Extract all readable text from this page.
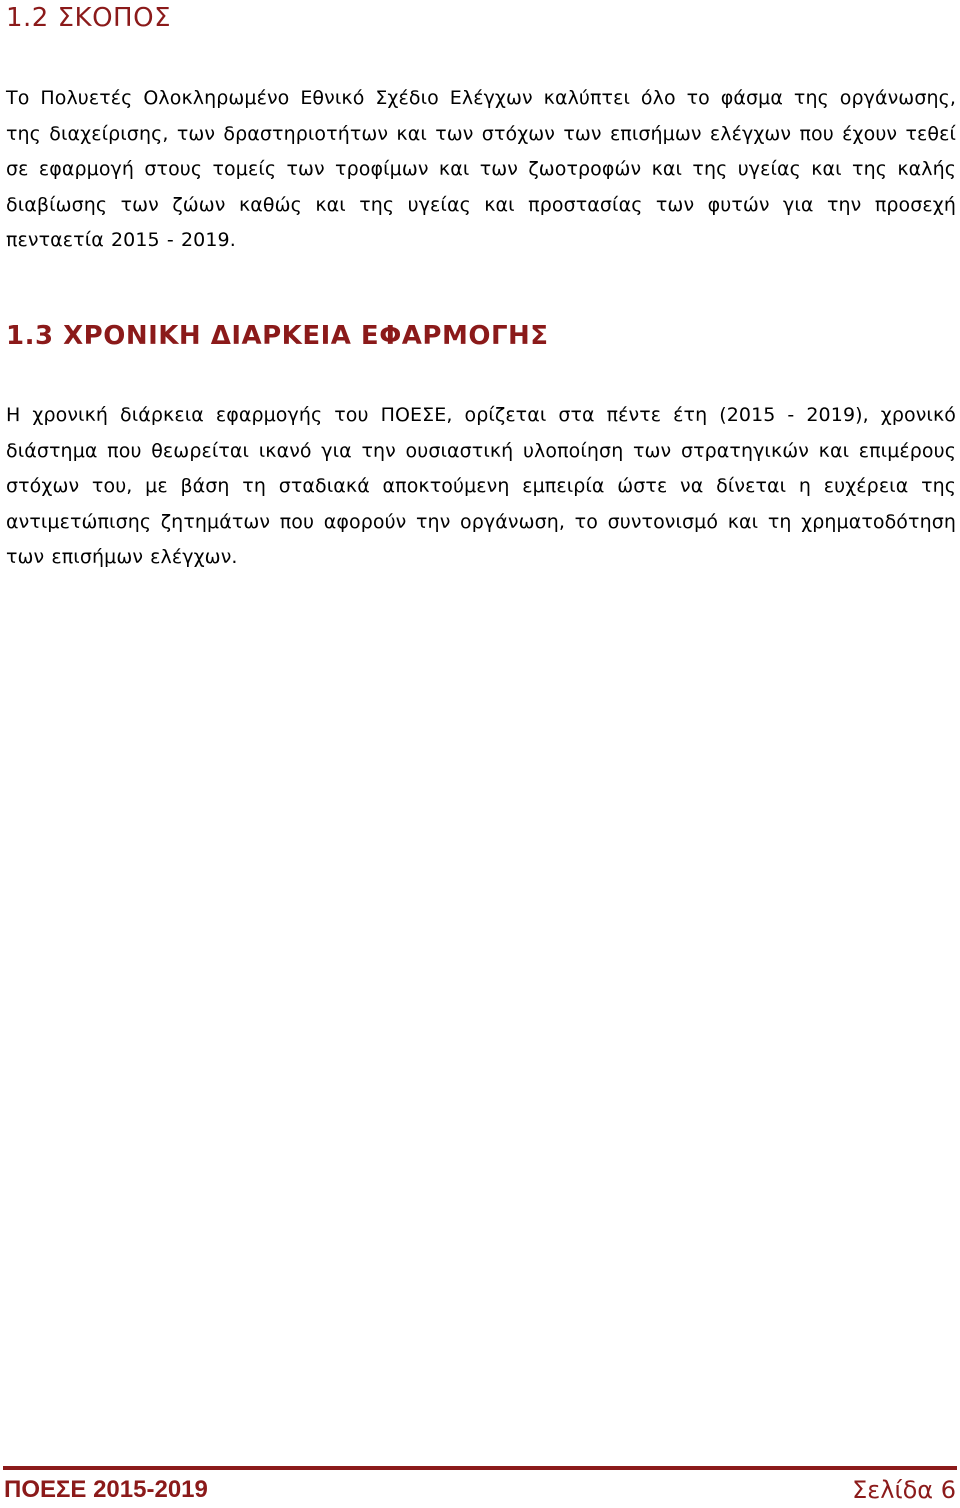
1.2 ΣΚΟΠΟΣ

Το Πολυετές Ολοκληρωμένο Εθνικό Σχέδιο Ελέγχων καλύπτει όλο το φάσμα της οργάνωσης, της διαχείρισης, των δραστηριοτήτων και των στόχων των επισήμων ελέγχων που έχουν τεθεί σε εφαρμογή στους τομείς των τροφίμων και των ζωοτροφών και της υγείας και της καλής διαβίωσης των ζώων καθώς και της υγείας και προστασίας των φυτών για την προσεχή πενταετία 2015 - 2019.

1.3 ΧΡΟΝΙΚΗ ΔΙΑΡΚΕΙΑ ΕΦΑΡΜΟΓΗΣ

Η χρονική διάρκεια εφαρμογής του ΠΟΕΣΕ, ορίζεται στα πέντε έτη (2015 - 2019), χρονικό διάστημα που θεωρείται ικανό για την ουσιαστική υλοποίηση των στρατηγικών και επιμέρους στόχων του, με βάση τη σταδιακά αποκτούμενη εμπειρία ώστε να δίνεται η ευχέρεια της αντιμετώπισης ζητημάτων που αφορούν την οργάνωση, το συντονισμό και τη χρηματοδότηση των επισήμων ελέγχων.

ΠΟΕΣΕ 2015-2019	Σελίδα 6
